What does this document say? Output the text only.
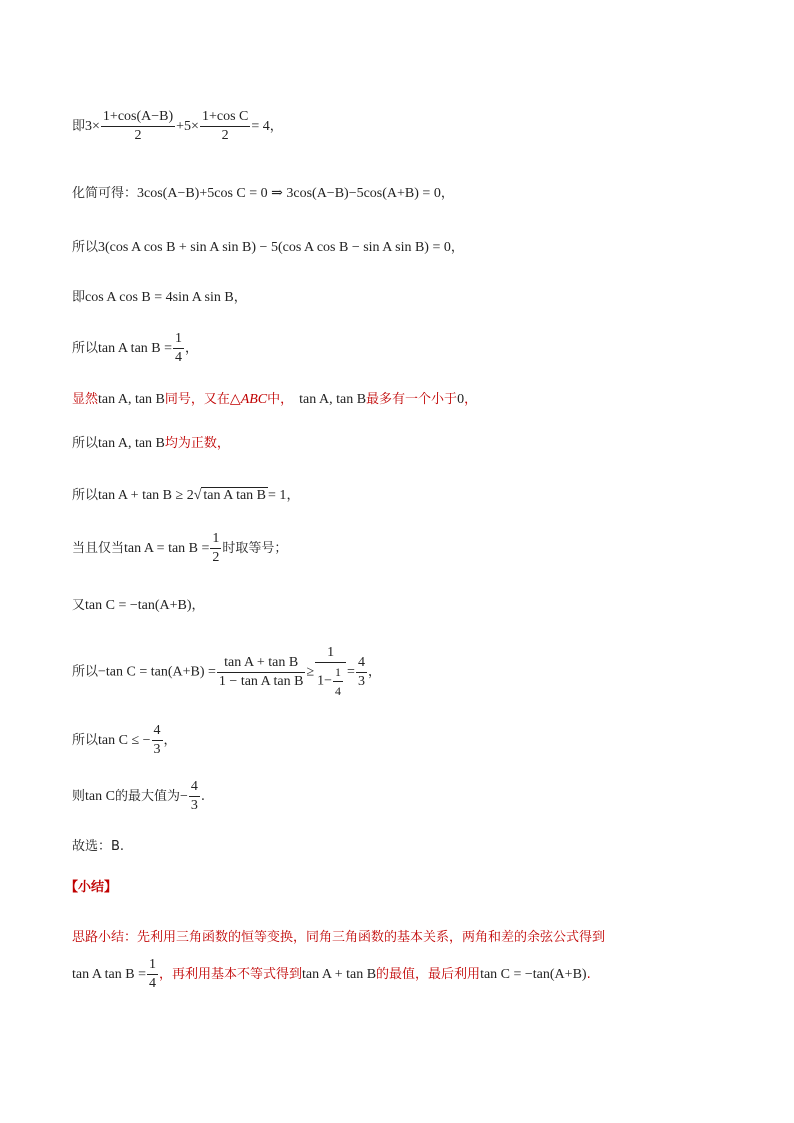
即$3\times \frac{1+\cos(A-B)}{2} +5\times \frac{\text{1+cos C}}{2} = 4$，
化简可得：3cos(A−B)+5cos C = 0 ⇒ 3cos(A−B)−5cos(A+B) = 0，
所以3(cos A cos B + sin A sin B) − 5(cos A cos B − sin A sin B) = 0，
即cos A cos B = 4sin A sin B，
所以tan A $\tan B = \frac{1}{4}$ ，
显然tan A, tan B同号，又在△ABC中， tan A, tan B最多有一个小于0，
所以tan A, tan B均为正数，
所以tan A + tan B ≥ 2√ tan A tan B = 1，
当且仅当$\tan A = \tan B = \frac{1}{2}$ 时取等号；
又tan C = −tan(A+B)，
所以−tan $C = \tan(A+B) = \frac{\text{tan A + tan B}}{\text{1 − tan A tan B}} \ge \frac{1}{1- \frac{1}{4}} = \frac{4}{3}$ ，
所以tan C ≤ − $\frac{4}{3}$ ，
则tan C的最大值为− $\frac{4}{3}$ .
故选：B.
【小结】
思路小结：先利用三角函数的恒等变换，同角三角函数的基本关系，两角和差的余弦公式得到
tan A $\tan B = \frac{1}{4}$ ，再利用基本不等式得到tan A + tan B的最值，最后利用tan C = −tan(A+B).
